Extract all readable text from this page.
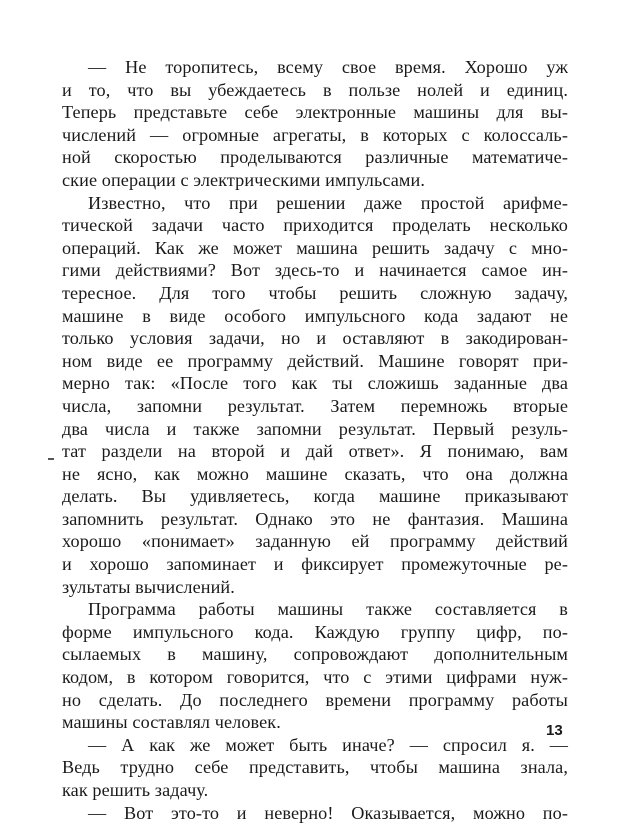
— Не торопитесь, всему свое время. Хорошо уж
и то, что вы убеждаетесь в пользе нолей и единиц.
Теперь представьте себе электронные машины для вы-
числений — огромные агрегаты, в которых с колоссаль-
ной скоростью проделываются различные математиче-
ские операции с электрическими импульсами.
Известно, что при решении даже простой арифме-
тической задачи часто приходится проделать несколько
операций. Как же может машина решить задачу с мно-
гими действиями? Вот здесь-то и начинается самое ин-
тересное. Для того чтобы решить сложную задачу,
машине в виде особого импульсного кода задают не
только условия задачи, но и оставляют в закодирован-
ном виде ее программу действий. Машине говорят при-
мерно так: «После того как ты сложишь заданные два
числа, запомни результат. Затем перемножь вторые
два числа и также запомни результат. Первый резуль-
тат раздели на второй и дай ответ». Я понимаю, вам
не ясно, как можно машине сказать, что она должна
делать. Вы удивляетесь, когда машине приказывают
запомнить результат. Однако это не фантазия. Машина
хорошо «понимает» заданную ей программу действий
и хорошо запоминает и фиксирует промежуточные ре-
зультаты вычислений.
Программа работы машины также составляется в
форме импульсного кода. Каждую группу цифр, по-
сылаемых в машину, сопровождают дополнительным
кодом, в котором говорится, что с этими цифрами нуж-
но сделать. До последнего времени программу работы
машины составлял человек.
— А как же может быть иначе? — спросил я. —
Ведь трудно себе представить, чтобы машина знала,
как решить задачу.
— Вот это-то и неверно! Оказывается, можно по-
13
